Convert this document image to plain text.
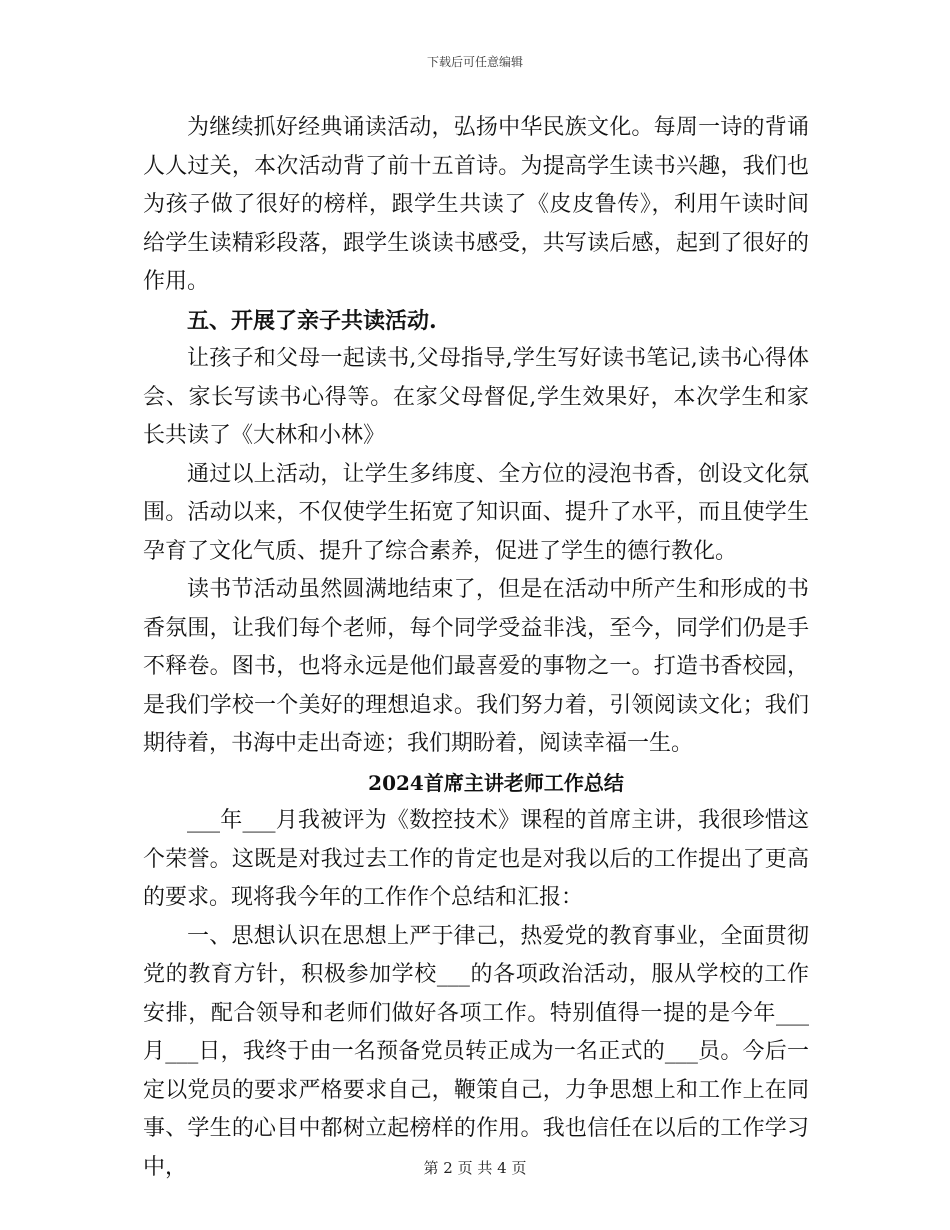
下载后可任意编辑

为继续抓好经典诵读活动，弘扬中华民族文化。每周一诗的背诵人人过关，本次活动背了前十五首诗。为提高学生读书兴趣，我们也为孩子做了很好的榜样，跟学生共读了《皮皮鲁传》，利用午读时间给学生读精彩段落，跟学生谈读书感受，共写读后感，起到了很好的作用。

五、开展了亲子共读活动.

让孩子和父母一起读书,父母指导,学生写好读书笔记,读书心得体会、家长写读书心得等。在家父母督促,学生效果好，本次学生和家长共读了《大林和小林》

通过以上活动，让学生多纬度、全方位的浸泡书香，创设文化氛围。活动以来，不仅使学生拓宽了知识面、提升了水平，而且使学生孕育了文化气质、提升了综合素养，促进了学生的德行教化。

读书节活动虽然圆满地结束了，但是在活动中所产生和形成的书香氛围，让我们每个老师，每个同学受益非浅，至今，同学们仍是手不释卷。图书，也将永远是他们最喜爱的事物之一。打造书香校园，是我们学校一个美好的理想追求。我们努力着，引领阅读文化；我们期待着，书海中走出奇迹；我们期盼着，阅读幸福一生。

2024首席主讲老师工作总结

___年___月我被评为《数控技术》课程的首席主讲，我很珍惜这个荣誉。这既是对我过去工作的肯定也是对我以后的工作提出了更高的要求。现将我今年的工作作个总结和汇报：

一、思想认识在思想上严于律己，热爱党的教育事业，全面贯彻党的教育方针，积极参加学校___的各项政治活动，服从学校的工作安排，配合领导和老师们做好各项工作。特别值得一提的是今年___月___日，我终于由一名预备党员转正成为一名正式的___员。今后一定以党员的要求严格要求自己，鞭策自己，力争思想上和工作上在同事、学生的心目中都树立起榜样的作用。我也信任在以后的工作学习中，	第 2 页 共 4 页
